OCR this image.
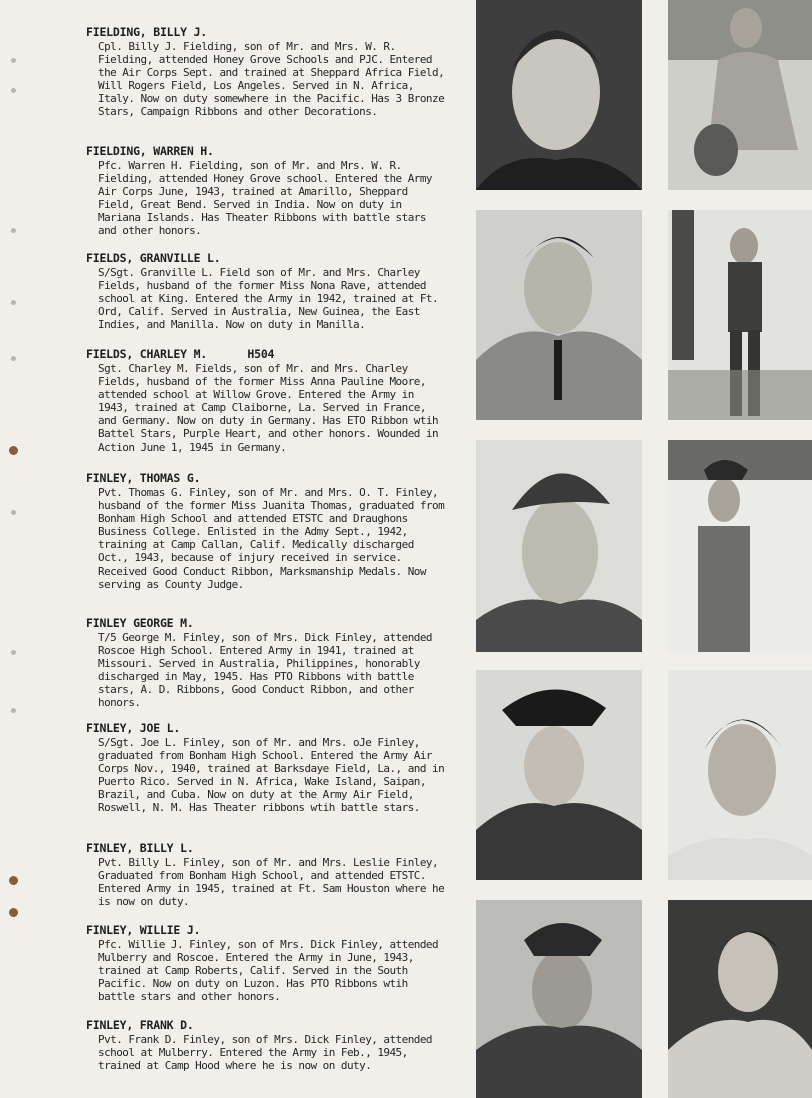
FIELDING, BILLY J.
Cpl. Billy J. Fielding, son of Mr. and Mrs. W. R. Fielding, attended Honey Grove Schools and PJC. Entered the Air Corps Sept. and trained at Sheppard Africa Field, Will Rogers Field, Los Angeles. Served in N. Africa, Italy. Now on duty somewhere in the Pacific. Has 3 Bronze Stars, Campaign Ribbons and other Decorations.
FIELDING, WARREN H.
Pfc. Warren H. Fielding, son of Mr. and Mrs. W. R. Fielding, attended Honey Grove school. Entered the Army Air Corps June, 1943, trained at Amarillo, Sheppard Field, Great Bend. Served in India. Now on duty in Mariana Islands. Has Theater Ribbons with battle stars and other honors.
FIELDS, GRANVILLE L.
S/Sgt. Granville L. Field son of Mr. and Mrs. Charley Fields, husband of the former Miss Nona Rave, attended school at King. Entered the Army in 1942, trained at Ft. Ord, Calif. Served in Australia, New Guinea, the East Indies, and Manilla. Now on duty in Manilla.
FIELDS, CHARLEY M.      H504
Sgt. Charley M. Fields, son of Mr. and Mrs. Charley Fields, husband of the former Miss Anna Pauline Moore, attended school at Willow Grove. Entered the Army in 1943, trained at Camp Claiborne, La. Served in France, and Germany. Now on duty in Germany. Has ETO Ribbon wtih Battel Stars, Purple Heart, and other honors. Wounded in Action June 1, 1945 in Germany.
FINLEY, THOMAS G.
Pvt. Thomas G. Finley, son of Mr. and Mrs. O. T. Finley, husband of the former Miss Juanita Thomas, graduated from Bonham High School and attended ETSTC and Draughons Business College. Enlisted in the Admy Sept., 1942, training at Camp Callan, Calif. Medically discharged Oct., 1943, because of injury received in service. Received Good Conduct Ribbon, Marksmanship Medals. Now serving as County Judge.
FINLEY GEORGE M.
T/5 George M. Finley, son of Mrs. Dick Finley, attended Roscoe High School. Entered Army in 1941, trained at Missouri. Served in Australia, Philippines, honorably discharged in May, 1945. Has PTO Ribbons with battle stars, A. D. Ribbons, Good Conduct Ribbon, and other honors.
FINLEY, JOE L.
S/Sgt. Joe L. Finley, son of Mr. and Mrs. oJe Finley, graduated from Bonham High School. Entered the Army Air Corps Nov., 1940, trained at Barksdaye Field, La., and in Puerto Rico. Served in N. Africa, Wake Island, Saipan, Brazil, and Cuba. Now on duty at the Army Air Field, Roswell, N. M. Has Theater ribbons wtih battle stars.
FINLEY, BILLY L.
Pvt. Billy L. Finley, son of Mr. and Mrs. Leslie Finley, Graduated from Bonham High School, and attended ETSTC. Entered Army in 1945, trained at Ft. Sam Houston where he is now on duty.
FINLEY, WILLIE J.
Pfc. Willie J. Finley, son of Mrs. Dick Finley, attended Mulberry and Roscoe. Entered the Army in June, 1943, trained at Camp Roberts, Calif. Served in the South Pacific. Now on duty on Luzon. Has PTO Ribbons wtih battle stars and other honors.
FINLEY, FRANK D.
Pvt. Frank D. Finley, son of Mrs. Dick Finley, attended school at Mulberry. Entered the Army in Feb., 1945, trained at Camp Hood where he is now on duty.
